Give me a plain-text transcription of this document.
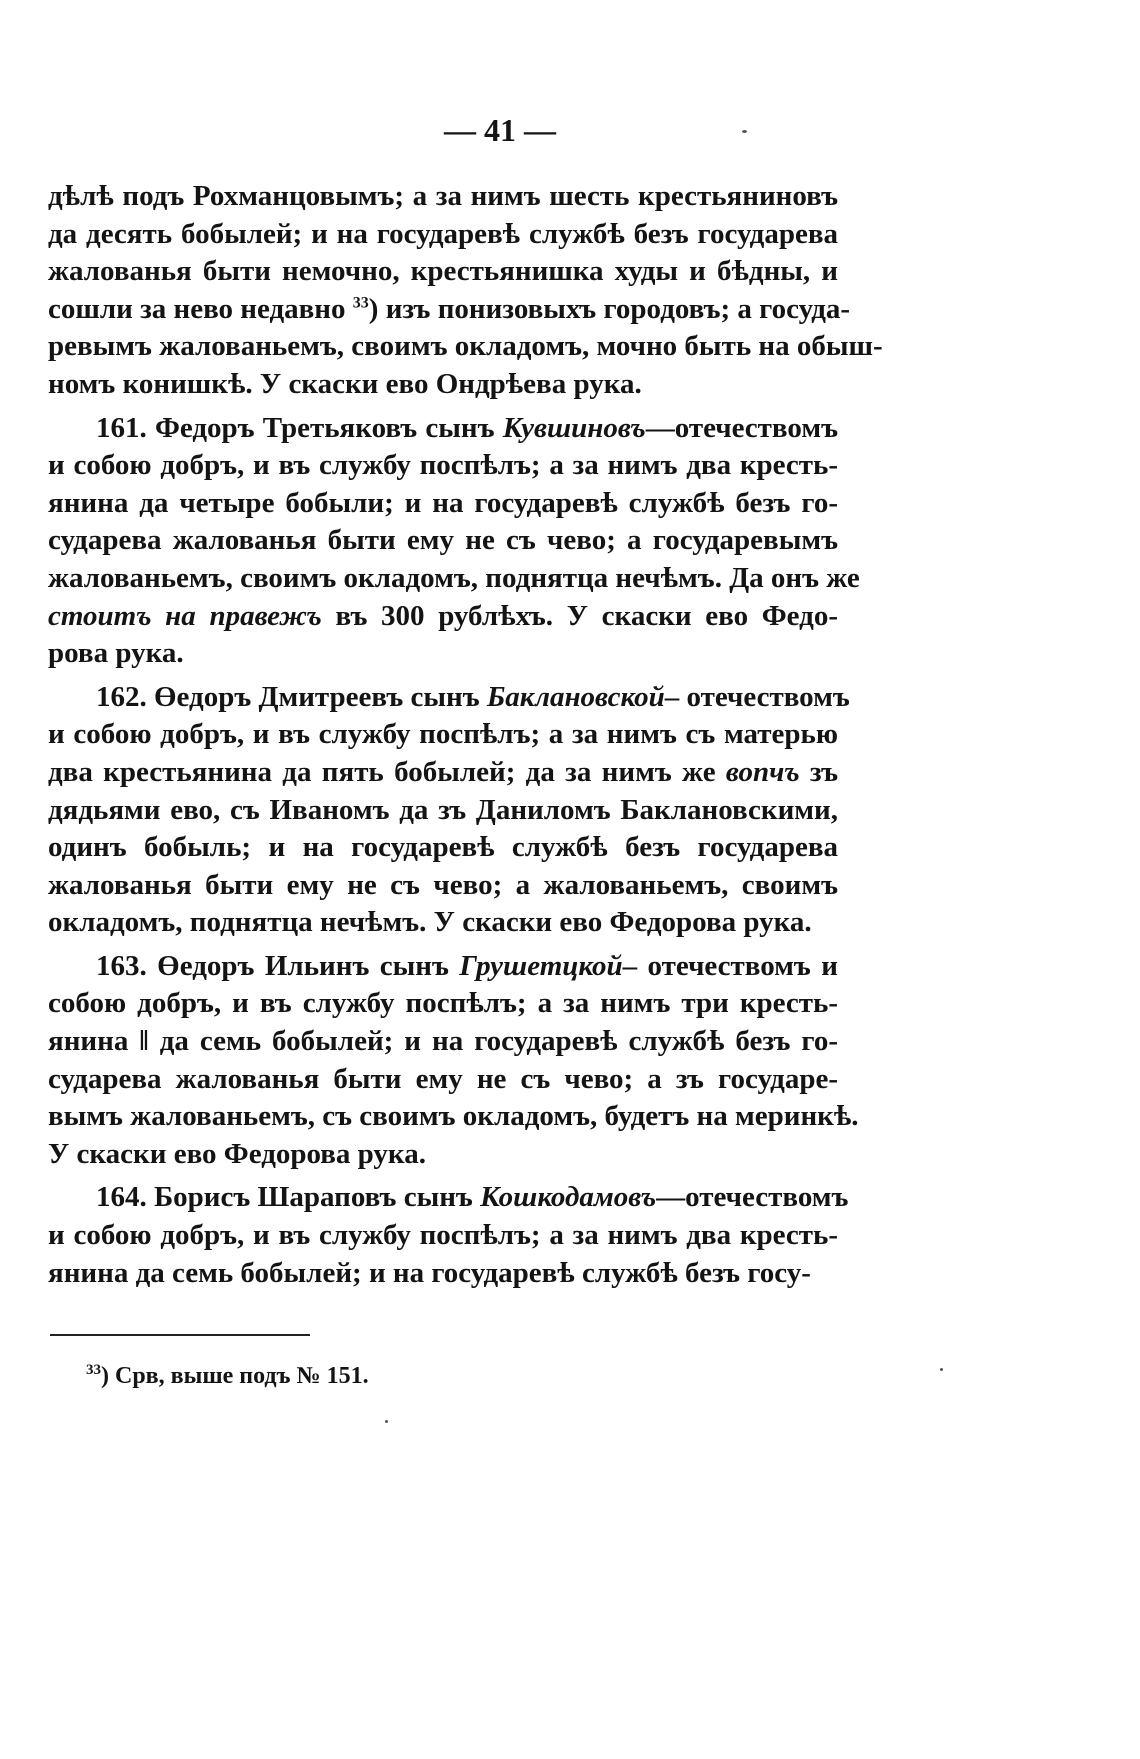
— 41 —
дѣлѣ подъ Рохманцовымъ; а за нимъ шесть крестьяниновъ
да десять бобылей; и на государевѣ службѣ безъ государева
жалованья быти немочно, крестьянишка худы и бѣдны, и
сошли за нево недавно $^{33}$) изъ понизовыхъ городовъ; а госуда-
ревымъ жалованьемъ, своимъ окладомъ, мочно быть на обыш-
номъ конишкѣ. У скаски ево Ондрѣева рука.
161. Федоръ Третьяковъ сынъ Кувшиновъ—отечествомъ
и собою добръ, и въ службу поспѣлъ; а за нимъ два кресть-
янина да четыре бобыли; и на государевѣ службѣ безъ го-
сударева жалованья быти ему не съ чево; а государевымъ
жалованьемъ, своимъ окладомъ, поднятца нечѣмъ. Да онъ же
стоитъ на правежъ въ 300 рублѣхъ. У скаски ево Федо-
рова рука.
162. Өедоръ Дмитреевъ сынъ Баклановской– отечествомъ
и собою добръ, и въ службу поспѣлъ; а за нимъ съ матерью
два крестьянина да пять бобылей; да за нимъ же вопчъ зъ
дядьями ево, съ Иваномъ да зъ Даниломъ Баклановскими,
одинъ бобыль; и на государевѣ службѣ безъ государева
жалованья быти ему не съ чево; а жалованьемъ, своимъ
окладомъ, поднятца нечѣмъ. У скаски ево Федорова рука.
163. Өедоръ Ильинъ сынъ Грушетцкой– отечествомъ и
собою добръ, и въ службу поспѣлъ; а за нимъ три кресть-
янина ‖ да семь бобылей; и на государевѣ службѣ безъ го-
сударева жалованья быти ему не съ чево; а зъ государе-
вымъ жалованьемъ, съ своимъ окладомъ, будетъ на меринкѣ.
У скаски ево Федорова рука.
164. Борисъ Шараповъ сынъ Кошкодамовъ—отечествомъ
и собою добръ, и въ службу поспѣлъ; а за нимъ два кресть-
янина да семь бобылей; и на государевѣ службѣ безъ госу-
$^{33}$) Срв, выше подъ № 151.
